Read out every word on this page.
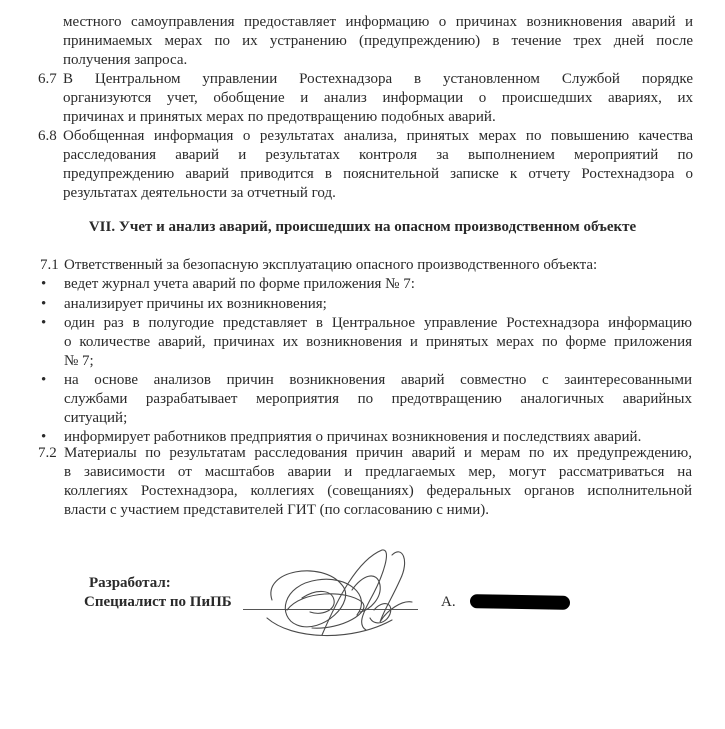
местного самоуправления предоставляет информацию о причинах возникновения аварий и
принимаемых мерах по их устранению (предупреждению) в течение трех дней после
получения запроса.
6.7 В Центральном управлении Ростехнадзора в установленном Службой порядке
организуются учет, обобщение и анализ информации о происшедших авариях, их
причинах и принятых мерах по предотвращению подобных аварий.
6.8 Обобщенная информация о результатах анализа, принятых мерах по повышению качества
расследования аварий и результатах контроля за выполнением мероприятий по
предупреждению аварий приводится в пояснительной записке к отчету Ростехнадзора о
результатах деятельности за отчетный год.
VII. Учет и анализ аварий, происшедших на опасном производственном объекте
7.1 Ответственный за безопасную эксплуатацию опасного производственного объекта:
• ведет журнал учета аварий по форме приложения № 7:
• анализирует причины их возникновения;
• один раз в полугодие представляет в Центральное управление Ростехнадзора информацию
о количестве аварий, причинах их возникновения и принятых мерах по форме приложения
№ 7;
• на основе анализов причин возникновения аварий совместно с заинтересованными
службами разрабатывает мероприятия по предотвращению аналогичных аварийных
ситуаций;
• информирует работников предприятия о причинах возникновения и последствиях аварий.
7.2 Материалы по результатам расследования причин аварий и мерам по их предупреждению,
в зависимости от масштабов аварии и предлагаемых мер, могут рассматриваться на
коллегиях Ростехнадзора, коллегиях (совещаниях) федеральных органов исполнительной
власти с участием представителей ГИТ (по согласованию с ними).
Разработал:
Специалист по ПиПБ	А.
